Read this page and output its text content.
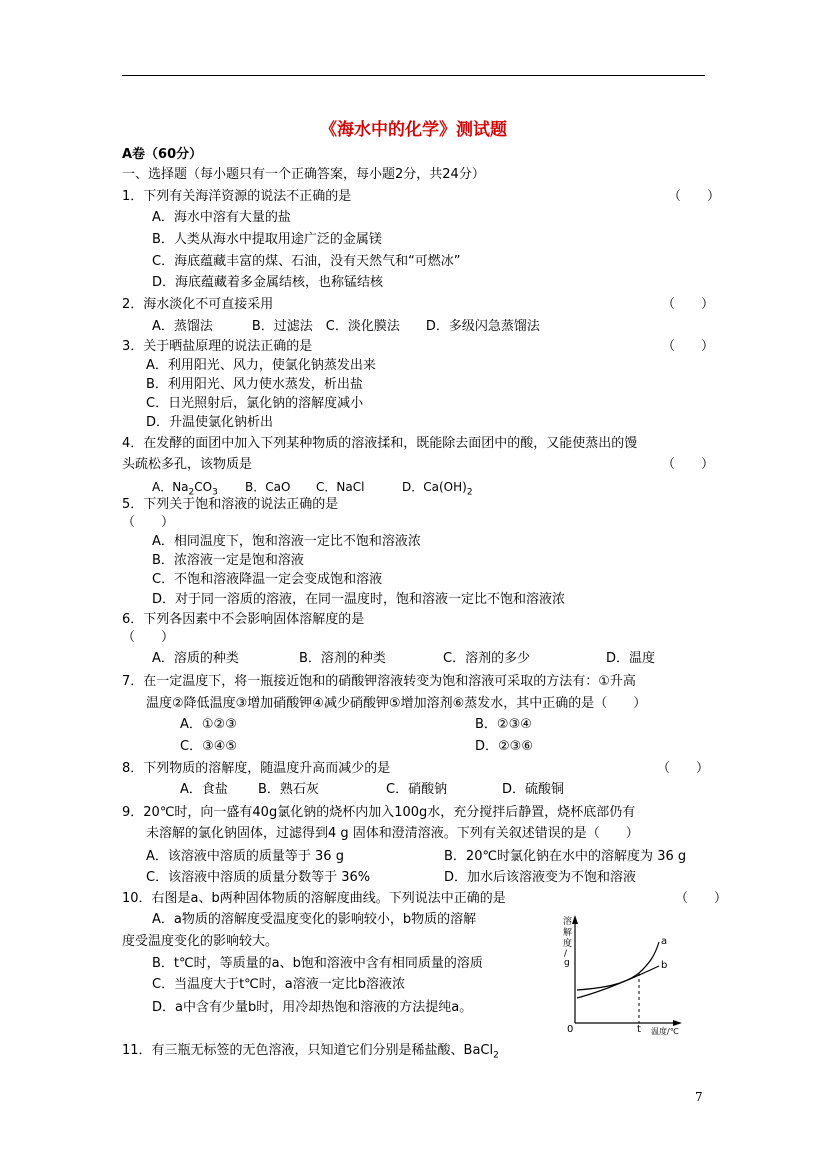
《海水中的化学》测试题
A卷（60分）
一、选择题（每小题只有一个正确答案，每小题2分，共24分）
1．下列有关海洋资源的说法不正确的是	（　　）
A．海水中溶有大量的盐
B．人类从海水中提取用途广泛的金属镁
C．海底蕴藏丰富的煤、石油，没有天然气和“可燃冰”
D．海底蕴藏着多金属结核，也称锰结核
2．海水淡化不可直接采用	（　　）
A．蒸馏法　　　B．过滤法　C．淡化膜法　　D．多级闪急蒸馏法
3．关于晒盐原理的说法正确的是	（　　）
A．利用阳光、风力，使氯化钠蒸发出来
B．利用阳光、风力使水蒸发，析出盐
C．日光照射后，氯化钠的溶解度减小
D．升温使氯化钠析出
4．在发酵的面团中加入下列某种物质的溶液揉和，既能除去面团中的酸，又能使蒸出的馒
头疏松多孔，该物质是	（　　）
A．$Na_2CO_3$ B．CaO C．NaCl	D．$Ca(OH)_2$
5．下列关于饱和溶液的说法正确的是
（　　）
A．相同温度下，饱和溶液一定比不饱和溶液浓
B．浓溶液一定是饱和溶液
C．不饱和溶液降温一定会变成饱和溶液
D．对于同一溶质的溶液，在同一温度时，饱和溶液一定比不饱和溶液浓
6．下列各因素中不会影响固体溶解度的是
（　　）
A．溶质的种类	B．溶剂的种类	C．溶剂的多少	D．温度
7．在一定温度下，将一瓶接近饱和的硝酸钾溶液转变为饱和溶液可采取的方法有：①升高
温度②降低温度③增加硝酸钾④减少硝酸钾⑤增加溶剂⑥蒸发水，其中正确的是（　　）
A．①②③	B．②③④
C．③④⑤	D．②③⑥
8．下列物质的溶解度，随温度升高而减少的是	（　　）
A．食盐 B．熟石灰	C．硝酸钠	D．硫酸铜
9．20℃时，向一盛有40g氯化钠的烧杯内加入100g水，充分搅拌后静置，烧杯底部仍有
未溶解的氯化钠固体，过滤得到4 g 固体和澄清溶液。下列有关叙述错误的是（　　）
A．该溶液中溶质的质量等于 36 g	B．20℃时氯化钠在水中的溶解度为 36 g
C．该溶液中溶质的质量分数等于 36%	D．加水后该溶液变为不饱和溶液
10．右图是a、b两种固体物质的溶解度曲线。下列说法中正确的是	（　　）
A．a物质的溶解度受温度变化的影响较小，b物质的溶解
度受温度变化的影响较大。
B．t℃时，等质量的a、b饱和溶液中含有相同质量的溶质
C．当温度大于t℃时，a溶液一定比b溶液浓
D．a中含有少量b时，用冷却热饱和溶液的方法提纯a。
溶
解
度
/
g
a
b
0	t 温度/℃
11．有三瓶无标签的无色溶液，只知道它们分别是稀盐酸、BaCl$_2$
7
